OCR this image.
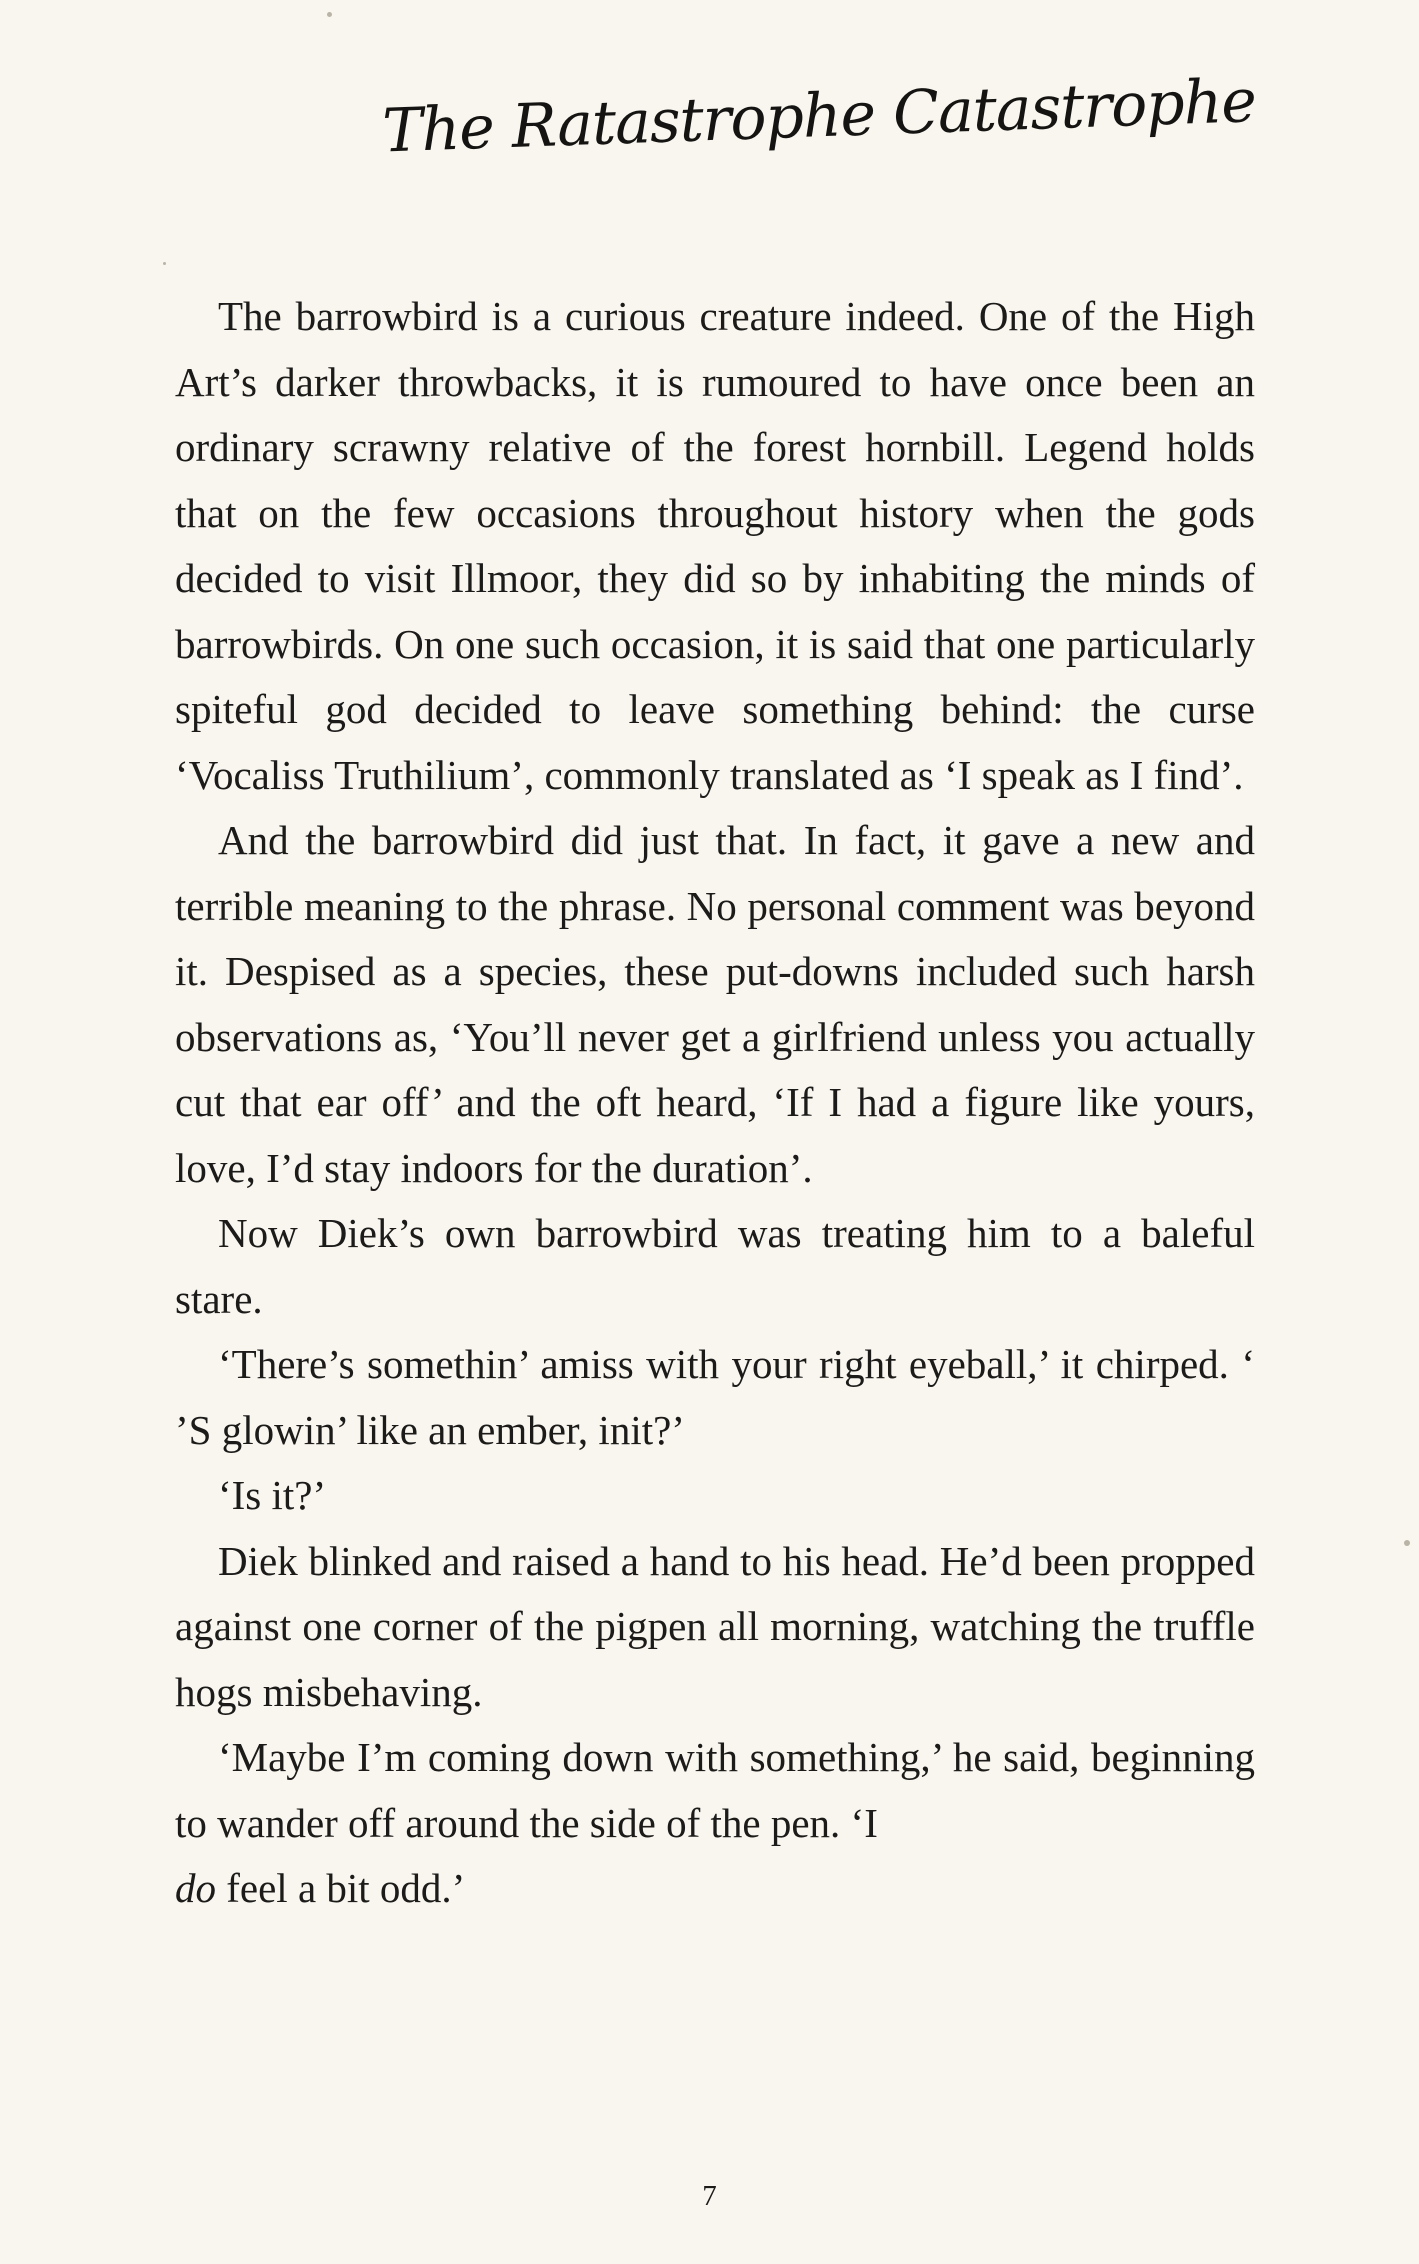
The Ratastrophe Catastrophe

The barrowbird is a curious creature indeed. One of the High Art’s darker throwbacks, it is rumoured to have once been an ordinary scrawny relative of the forest hornbill. Legend holds that on the few occasions throughout history when the gods decided to visit Illmoor, they did so by inhabiting the minds of barrowbirds. On one such occasion, it is said that one particularly spiteful god decided to leave something behind: the curse ‘Vocaliss Truthilium’, commonly translated as ‘I speak as I find’.

And the barrowbird did just that. In fact, it gave a new and terrible meaning to the phrase. No personal comment was beyond it. Despised as a species, these put-downs included such harsh observations as, ‘You’ll never get a girlfriend unless you actually cut that ear off’ and the oft heard, ‘If I had a figure like yours, love, I’d stay indoors for the duration’.

Now Diek’s own barrowbird was treating him to a baleful stare.

‘There’s somethin’ amiss with your right eyeball,’ it chirped. ‘ ’S glowin’ like an ember, init?’

‘Is it?’

Diek blinked and raised a hand to his head. He’d been propped against one corner of the pigpen all morning, watching the truffle hogs misbehaving.

‘Maybe I’m coming down with something,’ he said, beginning to wander off around the side of the pen. ‘I
do feel a bit odd.’

7
